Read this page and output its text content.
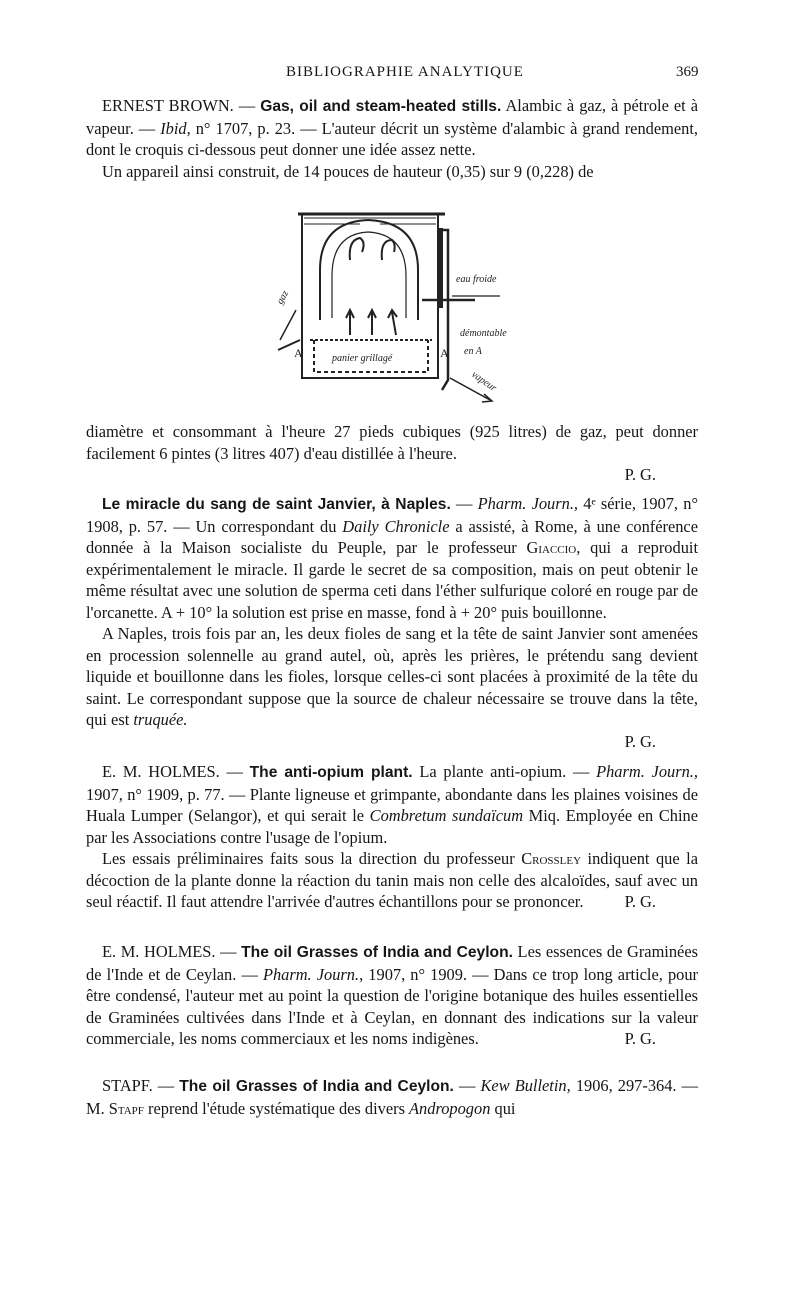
BIBLIOGRAPHIE ANALYTIQUE	369

ERNEST BROWN. — Gas, oil and steam-heated stills. Alambic à gaz, à pétrole et à vapeur. — Ibid, n° 1707, p. 23. — L'auteur décrit un système d'alambic à grand rendement, dont le croquis ci-dessous peut donner une idée assez nette.

Un appareil ainsi construit, de 14 pouces de hauteur (0,35) sur 9 (0,228) de

eau froide
gaz
démontable
en A
panier grillagé
vapeur
A	A

diamètre et consommant à l'heure 27 pieds cubiques (925 litres) de gaz, peut donner facilement 6 pintes (3 litres 407) d'eau distillée à l'heure.

P. G.

Le miracle du sang de saint Janvier, à Naples. — Pharm. Journ., 4ᵉ série, 1907, n° 1908, p. 57. — Un correspondant du Daily Chronicle a assisté, à Rome, à une conférence donnée à la Maison socialiste du Peuple, par le professeur Giaccio, qui a reproduit expérimentalement le miracle. Il garde le secret de sa composition, mais on peut obtenir le même résultat avec une solution de sperma ceti dans l'éther sulfurique coloré en rouge par de l'orcanette. A + 10° la solution est prise en masse, fond à + 20° puis bouillonne.

A Naples, trois fois par an, les deux fioles de sang et la tête de saint Janvier sont amenées en procession solennelle au grand autel, où, après les prières, le prétendu sang devient liquide et bouillonne dans les fioles, lorsque celles-ci sont placées à proximité de la tête du saint. Le correspondant suppose que la source de chaleur nécessaire se trouve dans la tête, qui est truquée.

P. G.

E. M. HOLMES. — The anti-opium plant. La plante anti-opium. — Pharm. Journ., 1907, n° 1909, p. 77. — Plante ligneuse et grimpante, abondante dans les plaines voisines de Huala Lumper (Selangor), et qui serait le Combretum sundaïcum Miq. Employée en Chine par les Associations contre l'usage de l'opium.

Les essais préliminaires faits sous la direction du professeur Crossley indiquent que la décoction de la plante donne la réaction du tanin mais non celle des alcaloïdes, sauf avec un seul réactif. Il faut attendre l'arrivée d'autres échantillons pour se prononcer.	P. G.

E. M. HOLMES. — The oil Grasses of India and Ceylon. Les essences de Graminées de l'Inde et de Ceylan. — Pharm. Journ., 1907, n° 1909. — Dans ce trop long article, pour être condensé, l'auteur met au point la question de l'origine botanique des huiles essentielles de Graminées cultivées dans l'Inde et à Ceylan, en donnant des indications sur la valeur commerciale, les noms commerciaux et les noms indigènes.	P. G.

STAPF. — The oil Grasses of India and Ceylon. — Kew Bulletin, 1906, 297-364. — M. Stapf reprend l'étude systématique des divers Andropogon qui
